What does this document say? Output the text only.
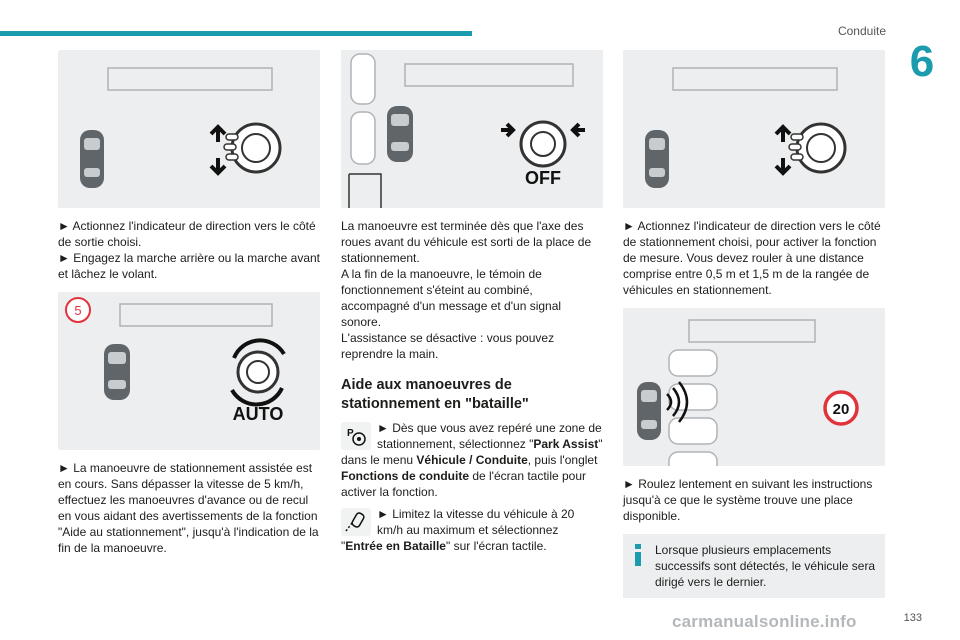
Conduite
6

► Actionnez l'indicateur de direction vers le côté de sortie choisi.

► Engagez la marche arrière ou la marche avant et lâchez le volant.

5
AUTO

► La manoeuvre de stationnement assistée est en cours. Sans dépasser la vitesse de 5 km/h, effectuez les manoeuvres d'avance ou de recul en vous aidant des avertissements de la fonction "Aide au stationnement", jusqu'à l'indication de la fin de la manoeuvre.

OFF

La manoeuvre est terminée dès que l'axe des roues avant du véhicule est sorti de la place de stationnement.

A la fin de la manoeuvre, le témoin de fonctionnement s'éteint au combiné, accompagné d'un message et d'un signal sonore.

L'assistance se désactive : vous pouvez reprendre la main.

Aide aux manoeuvres de stationnement en "bataille"
P ► Dès que vous avez repéré une zone de stationnement, sélectionnez "Park Assist" dans le menu Véhicule / Conduite, puis l'onglet Fonctions de conduite de l'écran tactile pour activer la fonction.
► Limitez la vitesse du véhicule à 20 km/h au maximum et sélectionnez "Entrée en Bataille" sur l'écran tactile.

► Actionnez l'indicateur de direction vers le côté de stationnement choisi, pour activer la fonction de mesure. Vous devez rouler à une distance comprise entre 0,5 m et 1,5 m de la rangée de véhicules en stationnement.

20

► Roulez lentement en suivant les instructions jusqu'à ce que le système trouve une place disponible.

Lorsque plusieurs emplacements successifs sont détectés, le véhicule sera dirigé vers le dernier.
carmanualsonline.info	133
